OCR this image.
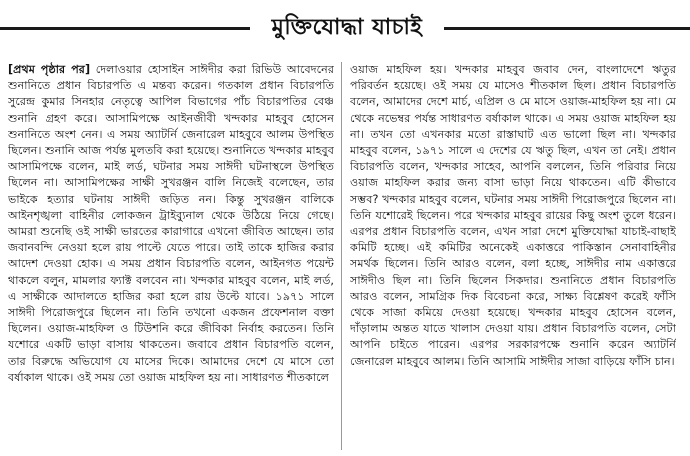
মুক্তিযোদ্ধা যাচাই

[প্রথম পৃষ্ঠার পর] দেলাওয়ার হোসাইন সাঈদীর করা রিভিউ আবেদনের শুনানিতে প্রধান বিচারপতি এ মন্তব্য করেন। গতকাল প্রধান বিচারপতি সুরেন্দ্র কুমার সিনহার নেতৃত্বে আপিল বিভাগের পাঁচ বিচারপতির বেঞ্চ শুনানি গ্রহণ করে। আসামিপক্ষে আইনজীবী খন্দকার মাহবুব হোসেন শুনানিতে অংশ নেন। এ সময় অ্যাটর্নি জেনারেল মাহবুবে আলম উপস্থিত ছিলেন। শুনানি আজ পর্যন্ত মুলতবি করা হয়েছে। শুনানিতে খন্দকার মাহবুব আসামিপক্ষে বলেন, মাই লর্ড, ঘটনার সময় সাঈদী ঘটনাস্থলে উপস্থিত ছিলেন না। আসামিপক্ষের সাক্ষী সুখরঞ্জন বালি নিজেই বলেছেন, তার ভাইকে হত্যার ঘটনায় সাঈদী জড়িত নন। কিন্তু সুখরঞ্জন বালিকে আইনশৃঙ্খলা বাহিনীর লোকজন ট্রাইব্যুনাল থেকে উঠিয়ে নিয়ে গেছে। আমরা শুনেছি ওই সাক্ষী ভারতের কারাগারে এখনো জীবিত আছেন। তার জবানবন্দি নেওয়া হলে রায় পাল্টে যেতে পারে। তাই তাকে হাজির করার আদেশ দেওয়া হোক। এ সময় প্রধান বিচারপতি বলেন, আইনগত পয়েন্ট থাকলে বলুন, মামলার ফ্যাক্ট বলবেন না। খন্দকার মাহবুব বলেন, মাই লর্ড, এ সাক্ষীকে আদালতে হাজির করা হলে রায় উল্টে যাবে। ১৯৭১ সালে সাঈদী পিরোজপুরে ছিলেন না। তিনি তখনো একজন প্রফেশনাল বক্তা ছিলেন। ওয়াজ-মাহফিল ও টিউশনি করে জীবিকা নির্বাহ করতেন। তিনি যশোরে একটি ভাড়া বাসায় থাকতেন। জবাবে প্রধান বিচারপতি বলেন, তার বিরুদ্ধে অভিযোগ যে মাসের দিকে। আমাদের দেশে যে মাসে তো বর্ষাকাল থাকে। ওই সময় তো ওয়াজ মাহফিল হয় না। সাধারণত শীতকালে

ওয়াজ মাহফিল হয়। খন্দকার মাহবুব জবাব দেন, বাংলাদেশে ঋতুর পরিবর্তন হয়েছে। ওই সময় যে মাসেও শীতকাল ছিল। প্রধান বিচারপতি বলেন, আমাদের দেশে মার্চ, এপ্রিল ও মে মাসে ওয়াজ-মাহফিল হয় না। মে থেকে নভেম্বর পর্যন্ত সাধারণত বর্ষাকাল থাকে। এ সময় ওয়াজ মাহফিল হয় না। তখন তো এখনকার মতো রাস্তাঘাট এত ভালো ছিল না। খন্দকার মাহবুব বলেন, ১৯৭১ সালে এ দেশের যে ঋতু ছিল, এখন তা নেই। প্রধান বিচারপতি বলেন, খন্দকার সাহেব, আপনি বললেন, তিনি পরিবার নিয়ে ওয়াজ মাহফিল করার জন্য বাসা ভাড়া নিয়ে থাকতেন। এটি কীভাবে সম্ভব? খন্দকার মাহবুব বলেন, ঘটনার সময় সাঈদী পিরোজপুরে ছিলেন না। তিনি যশোরেই ছিলেন। পরে খন্দকার মাহবুব রায়ের কিছু অংশ তুলে ধরেন। এরপর প্রধান বিচারপতি বলেন, এখন সারা দেশে মুক্তিযোদ্ধা যাচাই-বাছাই কমিটি হচ্ছে। এই কমিটির অনেকেই একাত্তরে পাকিস্তান সেনাবাহিনীর সমর্থক ছিলেন। তিনি আরও বলেন, বলা হচ্ছে, সাঈদীর নাম একাত্তরে সাঈদীও ছিল না। তিনি ছিলেন সিকদার। শুনানিতে প্রধান বিচারপতি আরও বলেন, সামগ্রিক দিক বিবেচনা করে, সাক্ষ্য বিশ্লেষণ করেই ফাঁসি থেকে সাজা কমিয়ে দেওয়া হয়েছে। খন্দকার মাহবুব হোসেন বলেন, দাঁড়ালাম অন্তত যাতে খালাস দেওয়া যায়। প্রধান বিচারপতি বলেন, সেটা আপনি চাইতে পারেন। এরপর সরকারপক্ষে শুনানি করেন অ্যাটর্নি জেনারেল মাহবুবে আলম। তিনি আসামি সাঈদীর সাজা বাড়িয়ে ফাঁসি চান।
